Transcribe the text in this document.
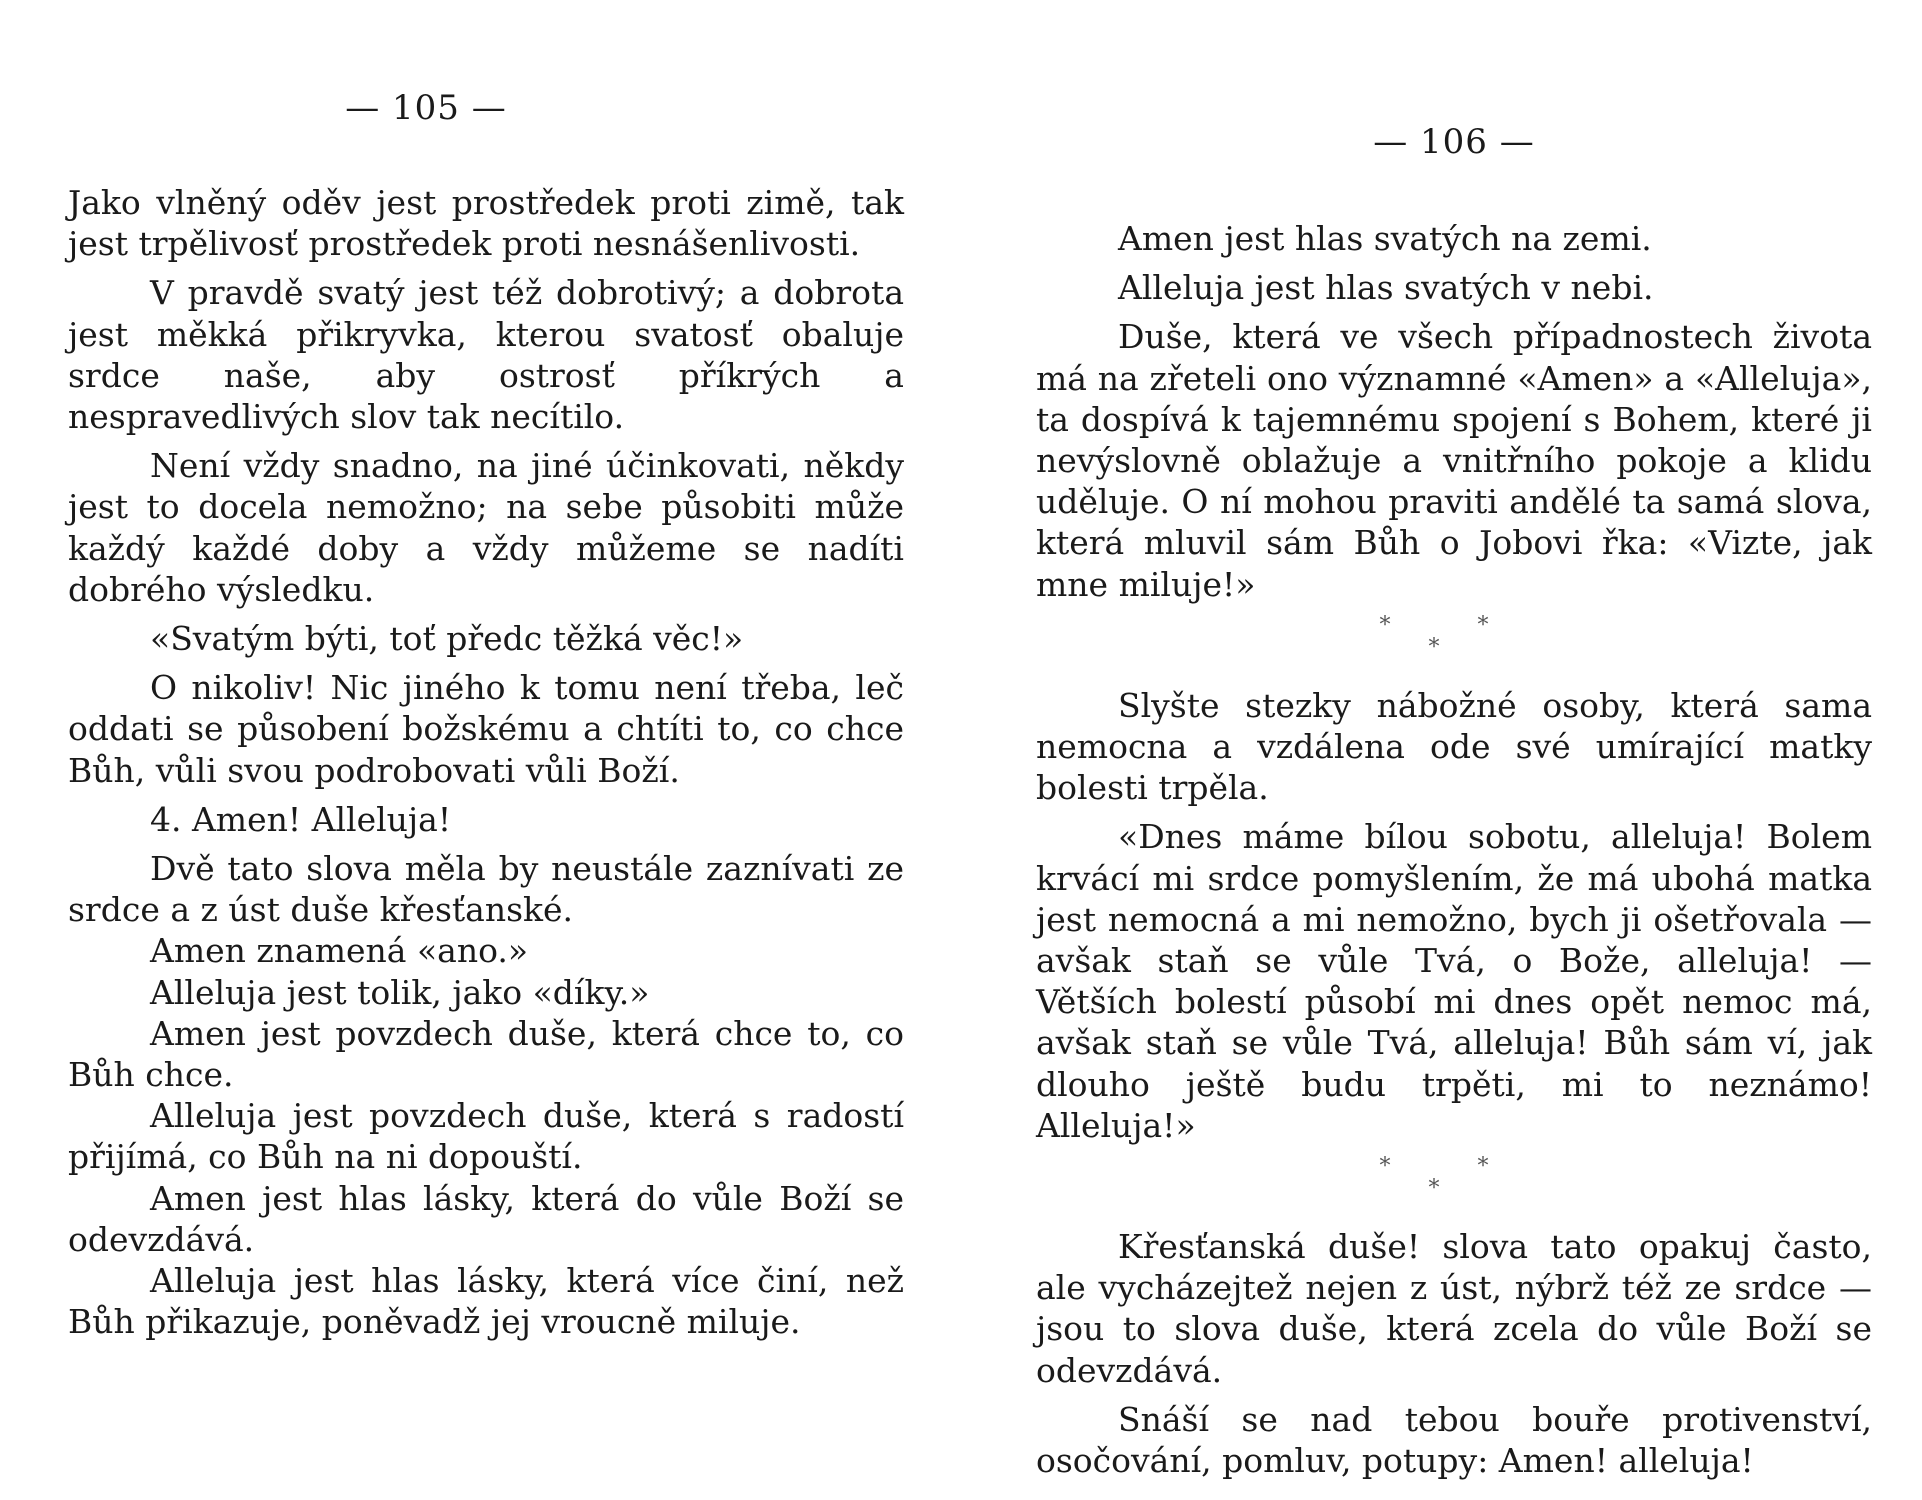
— 105 —

Jako vlněný oděv jest prostředek proti zimě, tak jest trpělivosť prostředek proti nesnášenlivosti.

V pravdě svatý jest též dobrotivý; a dobrota jest měkká přikryvka, kterou svatosť obaluje srdce naše, aby ostrosť příkrých a nespravedlivých slov tak necítilo.

Není vždy snadno, na jiné účinkovati, někdy jest to docela nemožno; na sebe působiti může každý každé doby a vždy můžeme se nadíti dobrého výsledku.

«Svatým býti, toť předc těžká věc!»

O nikoliv! Nic jiného k tomu není třeba, leč oddati se působení božskému a chtíti to, co chce Bůh, vůli svou podrobovati vůli Boží.

4. Amen! Alleluja!

Dvě tato slova měla by neustále zaznívati ze srdce a z úst duše křesťanské.

Amen znamená «ano.»

Alleluja jest tolik, jako «díky.»

Amen jest povzdech duše, která chce to, co Bůh chce.

Alleluja jest povzdech duše, která s radostí přijímá, co Bůh na ni dopouští.

Amen jest hlas lásky, která do vůle Boží se odevzdává.

Alleluja jest hlas lásky, která více činí, než Bůh přikazuje, poněvadž jej vroucně miluje.

— 106 —

Amen jest hlas svatých na zemi.

Alleluja jest hlas svatých v nebi.

Duše, která ve všech případnostech života má na zřeteli ono významné «Amen» a «Alleluja», ta dospívá k tajemnému spojení s Bohem, které ji nevýslovně oblažuje a vnitřního pokoje a klidu uděluje. O ní mohou praviti andělé ta samá slova, která mluvil sám Bůh o Jobovi řka: «Vizte, jak mne miluje!»

* *
*

Slyšte stezky nábožné osoby, která sama nemocna a vzdálena ode své umírající matky bolesti trpěla.

«Dnes máme bílou sobotu, alleluja! Bolem krvácí mi srdce pomyšlením, že má ubohá matka jest nemocná a mi nemožno, bych ji ošetřovala — avšak staň se vůle Tvá, o Bože, alleluja! — Větších bolestí působí mi dnes opět nemoc má, avšak staň se vůle Tvá, alleluja! Bůh sám ví, jak dlouho ještě budu trpěti, mi to neznámo! Alleluja!»

* *
*

Křesťanská duše! slova tato opakuj často, ale vycházejtež nejen z úst, nýbrž též ze srdce — jsou to slova duše, která zcela do vůle Boží se odevzdává.

Snáší se nad tebou bouře protivenství, osočování, pomluv, potupy: Amen! alleluja!
